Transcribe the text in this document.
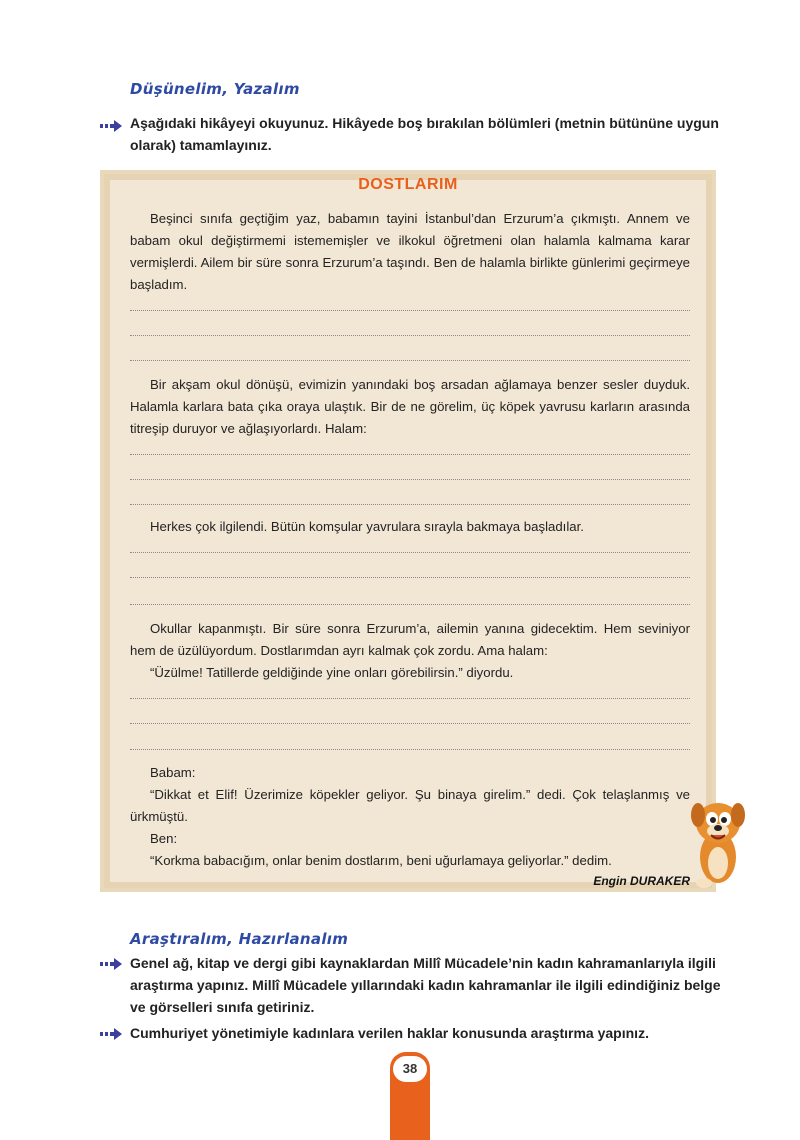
Düşünelim, Yazalım
Aşağıdaki hikâyeyi okuyunuz. Hikâyede boş bırakılan bölümleri (metnin bütününe uygun olarak) tamamlayınız.
DOSTLARIM
Beşinci sınıfa geçtiğim yaz, babamın tayini İstanbul’dan Erzurum’a çıkmıştı. Annem ve babam okul değiştirmemi istememişler ve ilkokul öğretmeni olan halamla kalmama karar vermişlerdi. Ailem bir süre sonra Erzurum’a taşındı. Ben de halamla birlikte günlerimi geçirmeye başladım.
Bir akşam okul dönüşü, evimizin yanındaki boş arsadan ağlamaya benzer sesler duyduk. Halamla karlara bata çıka oraya ulaştık. Bir de ne görelim, üç köpek yavrusu karların arasında titreşip duruyor ve ağlaşıyorlardı. Halam:
Herkes çok ilgilendi. Bütün komşular yavrulara sırayla bakmaya başladılar.
Okullar kapanmıştı. Bir süre sonra Erzurum’a, ailemin yanına gidecektim. Hem seviniyor hem de üzülüyordum. Dostlarımdan ayrı kalmak çok zordu. Ama halam:
“Üzülme! Tatillerde geldiğinde yine onları görebilirsin.” diyordu.
Babam:
“Dikkat et Elif! Üzerimize köpekler geliyor. Şu binaya girelim.” dedi. Çok telaşlanmış ve ürkmüştü.
Ben:
“Korkma babacığım, onlar benim dostlarım, beni uğurlamaya geliyorlar.” dedim.
Engin DURAKER
Araştıralım, Hazırlanalım
Genel ağ, kitap ve dergi gibi kaynaklardan Millî Mücadele’nin kadın kahramanlarıyla ilgili araştırma yapınız. Millî Mücadele yıllarındaki kadın kahramanlar ile ilgili edindiğiniz belge ve görselleri sınıfa getiriniz.
Cumhuriyet yönetimiyle kadınlara verilen haklar konusunda araştırma yapınız.
38
